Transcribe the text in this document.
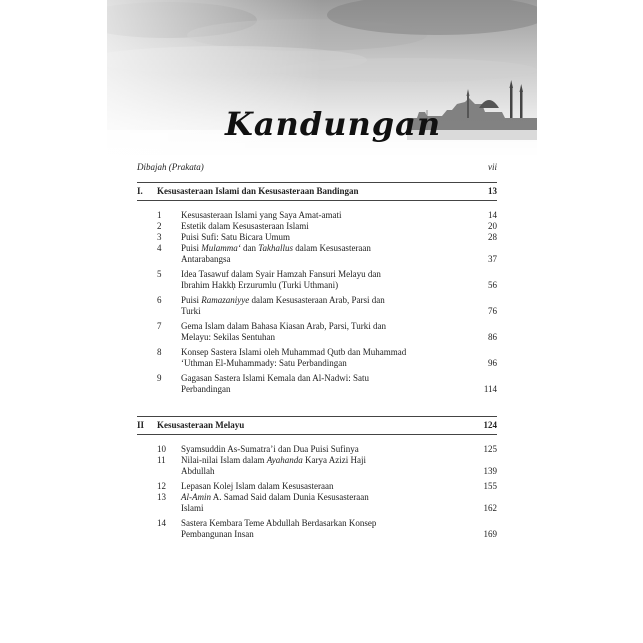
Kandungan
Dibajah (Prakata)	vii
I.	Kesusasteraan Islami dan Kesusasteraan Bandingan	13
1	Kesusasteraan Islami yang Saya Amat-amati	14
2	Estetik dalam Kesusasteraan Islami	20
3	Puisi Sufi: Satu Bicara Umum	28
4	Puisi Mulamma‘ dan Takhallus dalam Kesusasteraan
Antarabangsa	37
5	Idea Tasawuf dalam Syair Hamzah Fansuri Melayu dan
Ibrahim Hakkḥ Erzurumlu (Turki Uthmani)	56
6	Puisi Ramazaniyye dalam Kesusasteraan Arab, Parsi dan
Turki	76
7	Gema Islam dalam Bahasa Kiasan Arab, Parsi, Turki dan
Melayu: Sekilas Sentuhan	86
8	Konsep Sastera Islami oleh Muhammad Qutb dan Muhammad
‘Uthman El-Muhammady: Satu Perbandingan	96
9	Gagasan Sastera Islami Kemala dan Al-Nadwi: Satu
Perbandingan	114
II	Kesusasteraan Melayu	124
10	Syamsuddin As-Sumatra’i dan Dua Puisi Sufinya	125
11	Nilai-nilai Islam dalam Ayahanda Karya Azizi Haji
Abdullah	139
12	Lepasan Kolej Islam dalam Kesusasteraan	155
13	Al-Amin A. Samad Said dalam Dunia Kesusasteraan
Islami	162
14	Sastera Kembara Teme Abdullah Berdasarkan Konsep
Pembangunan Insan	169
